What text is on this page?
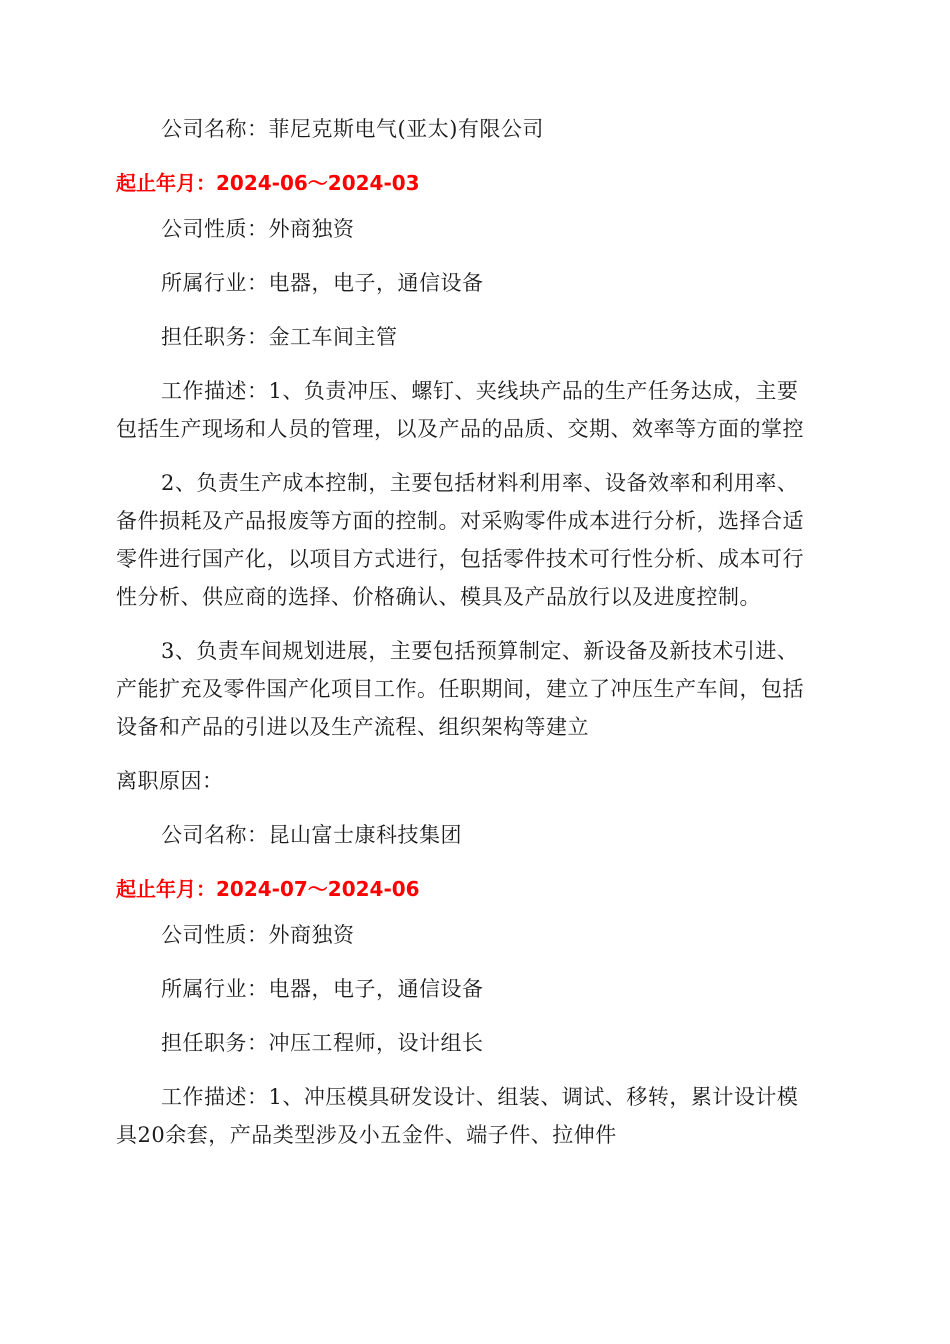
公司名称：菲尼克斯电气(亚太)有限公司
起止年月：2024-06～2024-03
公司性质：外商独资
所属行业：电器，电子，通信设备
担任职务：金工车间主管
工作描述：1、负责冲压、螺钉、夹线块产品的生产任务达成，主要
包括生产现场和人员的管理，以及产品的品质、交期、效率等方面的掌控
2、负责生产成本控制，主要包括材料利用率、设备效率和利用率、
备件损耗及产品报废等方面的控制。对采购零件成本进行分析，选择合适
零件进行国产化，以项目方式进行，包括零件技术可行性分析、成本可行
性分析、供应商的选择、价格确认、模具及产品放行以及进度控制。
3、负责车间规划进展，主要包括预算制定、新设备及新技术引进、
产能扩充及零件国产化项目工作。任职期间，建立了冲压生产车间，包括
设备和产品的引进以及生产流程、组织架构等建立
离职原因：
公司名称：昆山富士康科技集团
起止年月：2024-07～2024-06
公司性质：外商独资
所属行业：电器，电子，通信设备
担任职务：冲压工程师，设计组长
工作描述：1、冲压模具研发设计、组装、调试、移转，累计设计模
具20余套，产品类型涉及小五金件、端子件、拉伸件
